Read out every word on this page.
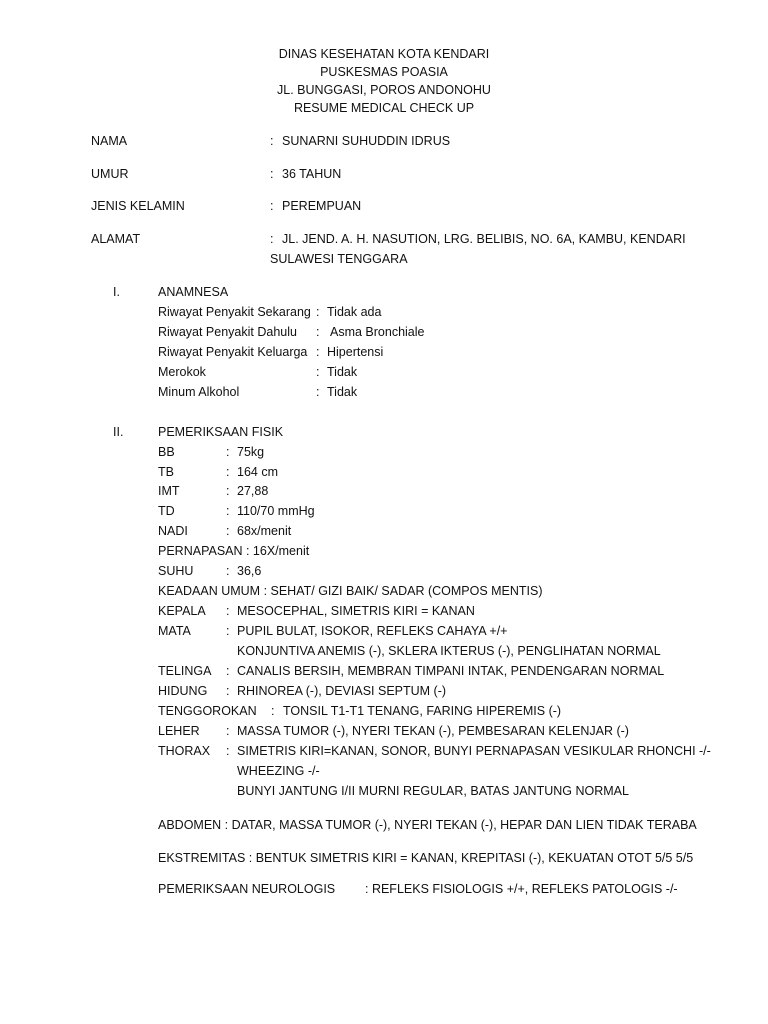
DINAS KESEHATAN KOTA KENDARI
PUSKESMAS POASIA
JL. BUNGGASI, POROS ANDONOHU
RESUME MEDICAL CHECK UP
NAMA	: SUNARNI SUHUDDIN IDRUS
UMUR	: 36 TAHUN
JENIS KELAMIN	: PEREMPUAN
ALAMAT	: JL. JEND. A. H. NASUTION, LRG. BELIBIS, NO. 6A, KAMBU, KENDARI
SULAWESI TENGGARA
I.	ANAMNESA
Riwayat Penyakit Sekarang : Tidak ada
Riwayat Penyakit Dahulu : Asma Bronchiale
Riwayat Penyakit Keluarga : Hipertensi
Merokok	: Tidak
Minum Alkohol	: Tidak
II.	PEMERIKSAAN FISIK
BB	: 75kg
TB	: 164 cm
IMT	: 27,88
TD	: 110/70 mmHg
NADI	: 68x/menit
PERNAPASAN : 16X/menit
SUHU	: 36,6
KEADAAN UMUM : SEHAT/ GIZI BAIK/ SADAR (COMPOS MENTIS)
KEPALA : MESOCEPHAL, SIMETRIS KIRI = KANAN
MATA	: PUPIL BULAT, ISOKOR, REFLEKS CAHAYA +/+
KONJUNTIVA ANEMIS (-), SKLERA IKTERUS (-), PENGLIHATAN NORMAL
TELINGA : CANALIS BERSIH, MEMBRAN TIMPANI INTAK, PENDENGARAN NORMAL
HIDUNG : RHINOREA (-), DEVIASI SEPTUM (-)
TENGGOROKAN : TONSIL T1-T1 TENANG, FARING HIPEREMIS (-)
LEHER : MASSA TUMOR (-), NYERI TEKAN (-), PEMBESARAN KELENJAR (-)
THORAX : SIMETRIS KIRI=KANAN, SONOR, BUNYI PERNAPASAN VESIKULAR RHONCHI -/-
WHEEZING -/-
BUNYI JANTUNG I/II MURNI REGULAR, BATAS JANTUNG NORMAL
ABDOMEN : DATAR, MASSA TUMOR (-), NYERI TEKAN (-), HEPAR DAN LIEN TIDAK TERABA
EKSTREMITAS : BENTUK SIMETRIS KIRI = KANAN, KREPITASI (-), KEKUATAN OTOT 5/5 5/5
PEMERIKSAAN NEUROLOGIS : REFLEKS FISIOLOGIS +/+, REFLEKS PATOLOGIS -/-
